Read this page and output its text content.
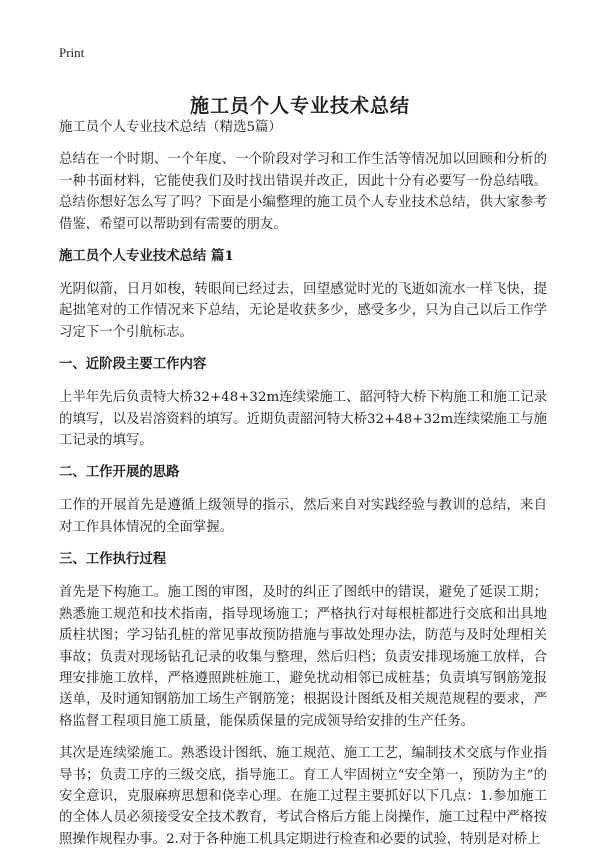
Print
施工员个人专业技术总结

施工员个人专业技术总结（精选5篇）

总结在一个时期、一个年度、一个阶段对学习和工作生活等情况加以回顾和分析的一种书面材料，它能使我们及时找出错误并改正，因此十分有必要写一份总结哦。总结你想好怎么写了吗？下面是小编整理的施工员个人专业技术总结，供大家参考借鉴，希望可以帮助到有需要的朋友。

施工员个人专业技术总结 篇1

光阴似箭，日月如梭，转眼间已经过去，回望感觉时光的飞逝如流水一样飞快，提起拙笔对的工作情况来下总结，无论是收获多少，感受多少，只为自己以后工作学习定下一个引航标志。

一、近阶段主要工作内容

上半年先后负责特大桥32+48+32m连续梁施工、韶河特大桥下构施工和施工记录的填写，以及岩溶资料的填写。近期负责韶河特大桥32+48+32m连续梁施工与施工记录的填写。

二、工作开展的思路

工作的开展首先是遵循上级领导的指示，然后来自对实践经验与教训的总结，来自对工作具体情况的全面掌握。

三、工作执行过程

首先是下构施工。施工图的审图，及时的纠正了图纸中的错误，避免了延误工期；熟悉施工规范和技术指南，指导现场施工；严格执行对每根桩都进行交底和出具地质柱状图；学习钻孔桩的常见事故预防措施与事故处理办法，防范与及时处理相关事故；负责对现场钻孔记录的收集与整理，然后归档；负责安排现场施工放样，合理安排施工放样，严格遵照跳桩施工，避免扰动相邻已成桩基；负责填写钢筋笼报送单，及时通知钢筋加工场生产钢筋笼；根据设计图纸及相关规范规程的要求，严格监督工程项目施工质量，能保质保量的完成领导给安排的生产任务。

其次是连续梁施工。熟悉设计图纸、施工规范、施工工艺，编制技术交底与作业指导书；负责工序的三级交底，指导施工。育工人牢固树立“安全第一，预防为主”的安全意识，克服麻痹思想和侥幸心理。在施工过程主要抓好以下几点：1.参加施工的全体人员必须接受安全技术教育，考试合格后方能上岗操作，施工过程中严格按照操作规程办事。2.对于各种施工机具定期进行检查和必要的试验，特别是对桥上
